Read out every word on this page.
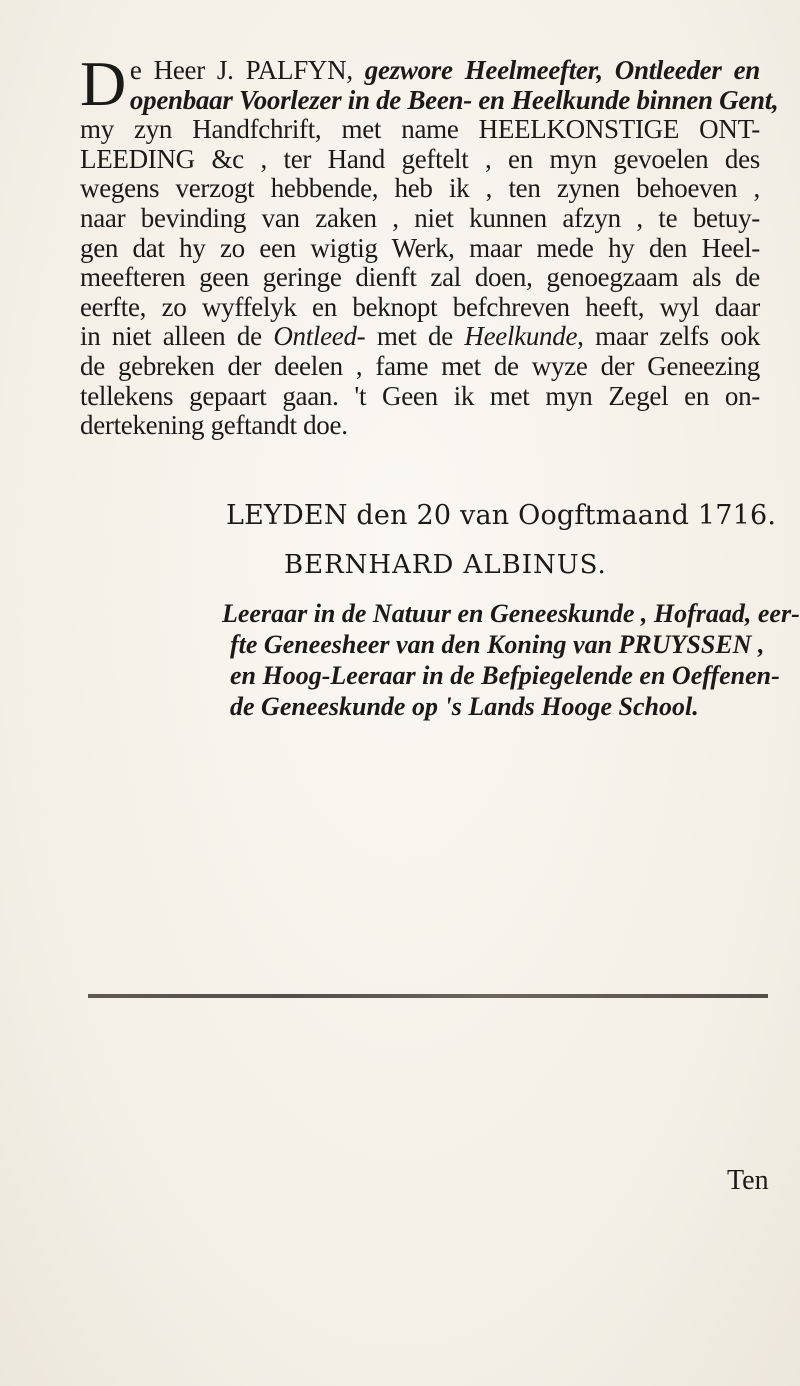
D e Heer J. PALFYN, gezwore Heelmeefter, Ontleeder en
openbaar Voorlezer in de Been- en Heelkunde binnen Gent,
my zyn Handfchrift, met name HEELKONSTIGE ONT-
LEEDING &c , ter Hand geftelt , en myn gevoelen des
wegens verzogt hebbende, heb ik , ten zynen behoeven ,
naar bevinding van zaken , niet kunnen afzyn , te betuy-
gen dat hy zo een wigtig Werk, maar mede hy den Heel-
meefteren geen geringe dienft zal doen, genoegzaam als de
eerfte, zo wyffelyk en beknopt befchreven heeft, wyl daar
in niet alleen de Ontleed- met de Heelkunde, maar zelfs ook
de gebreken der deelen , fame met de wyze der Geneezing
tellekens gepaart gaan. 't Geen ik met myn Zegel en on-
dertekening geftandt doe.
LEYDEN den 20 van Oogftmaand 1716.
BERNHARD ALBINUS.
Leeraar in de Natuur en Geneeskunde , Hofraad, eer-
fte Geneesheer van den Koning van PRUYSSEN ,
en Hoog-Leeraar in de Befpiegelende en Oeffenen-
de Geneeskunde op 's Lands Hooge School.
Ten
